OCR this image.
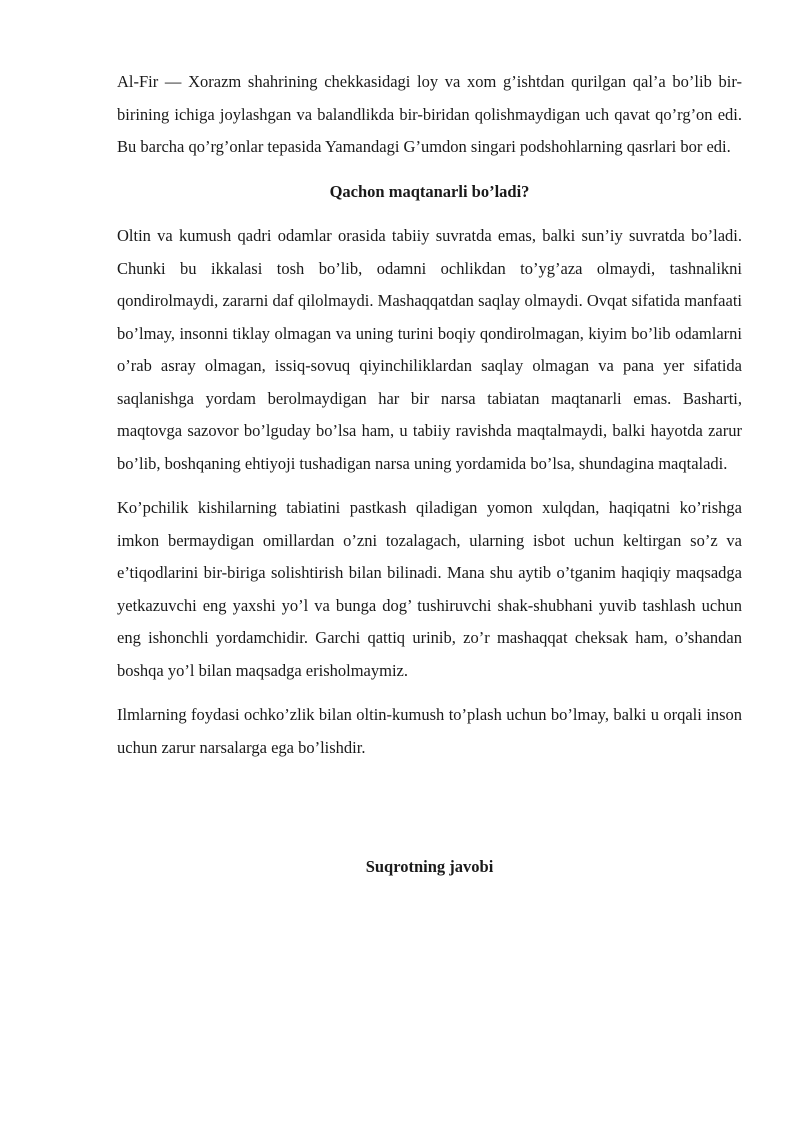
Al-Fir — Xorazm shahrining chekkasidagi loy va xom g’ishtdan qurilgan qal’a bo’lib bir-birining ichiga joylashgan va balandlikda bir-biridan qolishmaydigan uch qavat qo’rg’on edi. Bu barcha qo’rg’onlar tepasida Yamandagi G’umdon singari podshohlarning qasrlari bor edi.

Qachon maqtanarli bo’ladi?

Oltin va kumush qadri odamlar orasida tabiiy suvratda emas, balki sun’iy suvratda bo’ladi. Chunki bu ikkalasi tosh bo’lib, odamni ochlikdan to’yg’aza olmaydi, tashnalikni qondirolmaydi, zararni daf qilolmaydi. Mashaqqatdan saqlay olmaydi. Ovqat sifatida manfaati bo’lmay, insonni tiklay olmagan va uning turini boqiy qondirolmagan, kiyim bo’lib odamlarni o’rab asray olmagan, issiq-sovuq qiyinchiliklardan saqlay olmagan va pana yer sifatida saqlanishga yordam berolmaydigan har bir narsa tabiatan maqtanarli emas. Basharti, maqtovga sazovor bo’lguday bo’lsa ham, u tabiiy ravishda maqtalmaydi, balki hayotda zarur bo’lib, boshqaning ehtiyoji tushadigan narsa uning yordamida bo’lsa, shundagina maqtaladi.

Ko’pchilik kishilarning tabiatini pastkash qiladigan yomon xulqdan, haqiqatni ko’rishga imkon bermaydigan omillardan o’zni tozalagach, ularning isbot uchun keltirgan so’z va e’tiqodlarini bir-biriga solishtirish bilan bilinadi. Mana shu aytib o’tganim haqiqiy maqsadga yetkazuvchi eng yaxshi yo’l va bunga dog’ tushiruvchi shak-shubhani yuvib tashlash uchun eng ishonchli yordamchidir. Garchi qattiq urinib, zo’r mashaqqat cheksak ham, o’shandan boshqa yo’l bilan maqsadga erisholmaymiz.

Ilmlarning foydasi ochko’zlik bilan oltin-kumush to’plash uchun bo’lmay, balki u orqali inson uchun zarur narsalarga ega bo’lishdir.

Suqrotning javobi
